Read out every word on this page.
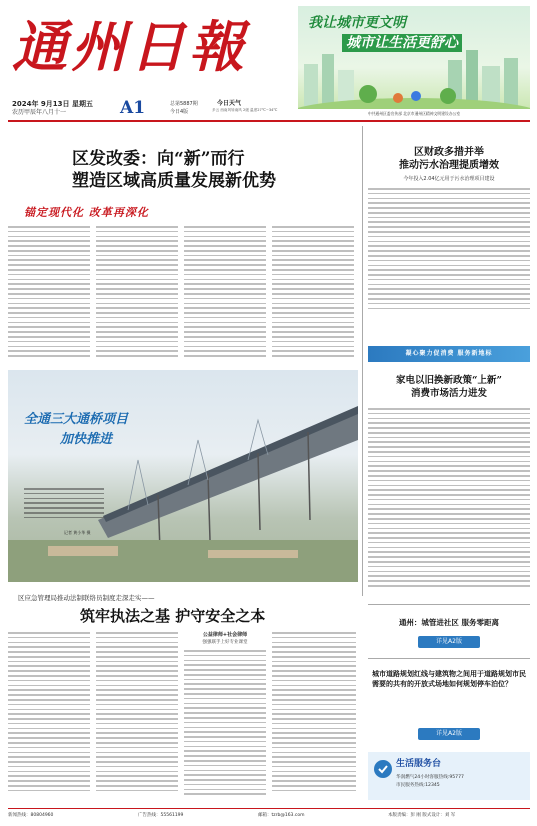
通州日報
2024年 9月13日 星期五
农历甲辰年八月十一	A1	总第5887期
今日4版
今日天气
多云 西南风转南风 2级 温度27℃~34℃
我让城市更文明
城市让生活更舒心
中共通州区委宣传部 北京市通州区精神文明建设办公室
区发改委：向“新”而行
塑造区域高质量发展新优势
锚定现代化 改革再深化
区财政多措并举
推动污水治理提质增效
今年投入2.04亿元用于污水治理项目建设
凝心聚力促消费 服务新地标
家电以旧换新政策“上新”
消费市场活力进发
全通三大通桥项目
加快推进
记者 黄小华 摄
区应急管理局推动法制联络员制度走深走实——
筑牢执法之基 护守安全之本
公益律师+社会律师
强强联手上好专业课堂
通州：城管进社区 服务零距离
详见A2版
城市道路规划红线与建筑物之间用于道路规划市民需要的共有的开放式场地如何规划停车泊位？
详见A2版
生活服务台
华润燃气24小时客服热线:95777
市民服务热线:12345
新闻热线：80804960	广告热线：55561199	邮箱：tzrb@163.com	本版责编：彭 刚 版式设计：刘 军
